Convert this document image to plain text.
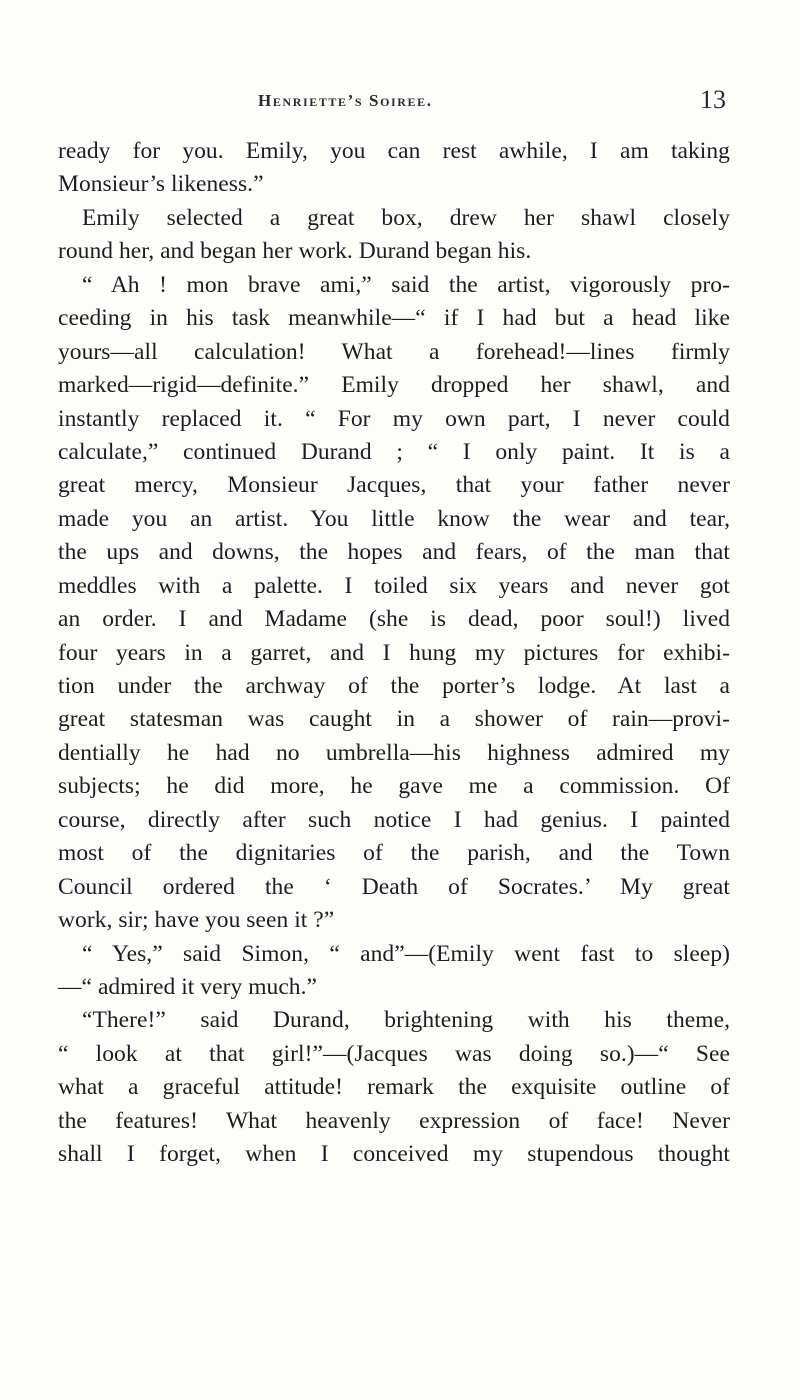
Henriette’s Soiree.	13
ready for you. Emily, you can rest awhile, I am taking
Monsieur’s likeness.”
Emily selected a great box, drew her shawl closely
round her, and began her work. Durand began his.
“ Ah ! mon brave ami,” said the artist, vigorously pro-
ceeding in his task meanwhile—“ if I had but a head like
yours—all calculation! What a forehead!—lines firmly
marked—rigid—definite.” Emily dropped her shawl, and
instantly replaced it. “ For my own part, I never could
calculate,” continued Durand ; “ I only paint. It is a
great mercy, Monsieur Jacques, that your father never
made you an artist. You little know the wear and tear,
the ups and downs, the hopes and fears, of the man that
meddles with a palette. I toiled six years and never got
an order. I and Madame (she is dead, poor soul!) lived
four years in a garret, and I hung my pictures for exhibi-
tion under the archway of the porter’s lodge. At last a
great statesman was caught in a shower of rain—provi-
dentially he had no umbrella—his highness admired my
subjects; he did more, he gave me a commission. Of
course, directly after such notice I had genius. I painted
most of the dignitaries of the parish, and the Town
Council ordered the ‘ Death of Socrates.’ My great
work, sir; have you seen it ?”
“ Yes,” said Simon, “ and”—(Emily went fast to sleep)
—“ admired it very much.”
“There!” said Durand, brightening with his theme,
“ look at that girl!”—(Jacques was doing so.)—“ See
what a graceful attitude! remark the exquisite outline of
the features! What heavenly expression of face! Never
shall I forget, when I conceived my stupendous thought
